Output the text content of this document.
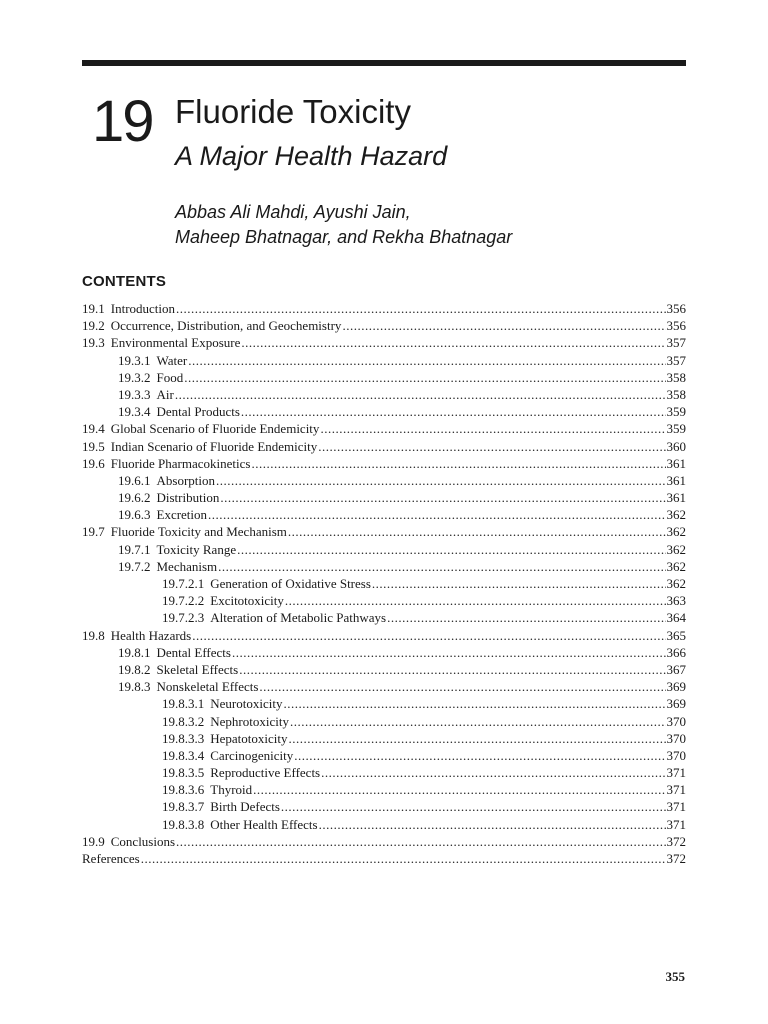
19 Fluoride Toxicity
A Major Health Hazard
Abbas Ali Mahdi, Ayushi Jain,
Maheep Bhatnagar, and Rekha Bhatnagar
CONTENTS
19.1 Introduction .....	356
19.2 Occurrence, Distribution, and Geochemistry .....	356
19.3 Environmental Exposure .....	357
19.3.1 Water .....	357
19.3.2 Food .....	358
19.3.3 Air .....	358
19.3.4 Dental Products .....	359
19.4 Global Scenario of Fluoride Endemicity .....	359
19.5 Indian Scenario of Fluoride Endemicity .....	360
19.6 Fluoride Pharmacokinetics .....	361
19.6.1 Absorption .....	361
19.6.2 Distribution .....	361
19.6.3 Excretion .....	362
19.7 Fluoride Toxicity and Mechanism .....	362
19.7.1 Toxicity Range .....	362
19.7.2 Mechanism .....	362
19.7.2.1 Generation of Oxidative Stress .....	362
19.7.2.2 Excitotoxicity .....	363
19.7.2.3 Alteration of Metabolic Pathways .....	364
19.8 Health Hazards .....	365
19.8.1 Dental Effects .....	366
19.8.2 Skeletal Effects .....	367
19.8.3 Nonskeletal Effects .....	369
19.8.3.1 Neurotoxicity .....	369
19.8.3.2 Nephrotoxicity .....	370
19.8.3.3 Hepatotoxicity .....	370
19.8.3.4 Carcinogenicity .....	370
19.8.3.5 Reproductive Effects .....	371
19.8.3.6 Thyroid .....	371
19.8.3.7 Birth Defects .....	371
19.8.3.8 Other Health Effects .....	371
19.9 Conclusions .....	372
References .....	372
355
